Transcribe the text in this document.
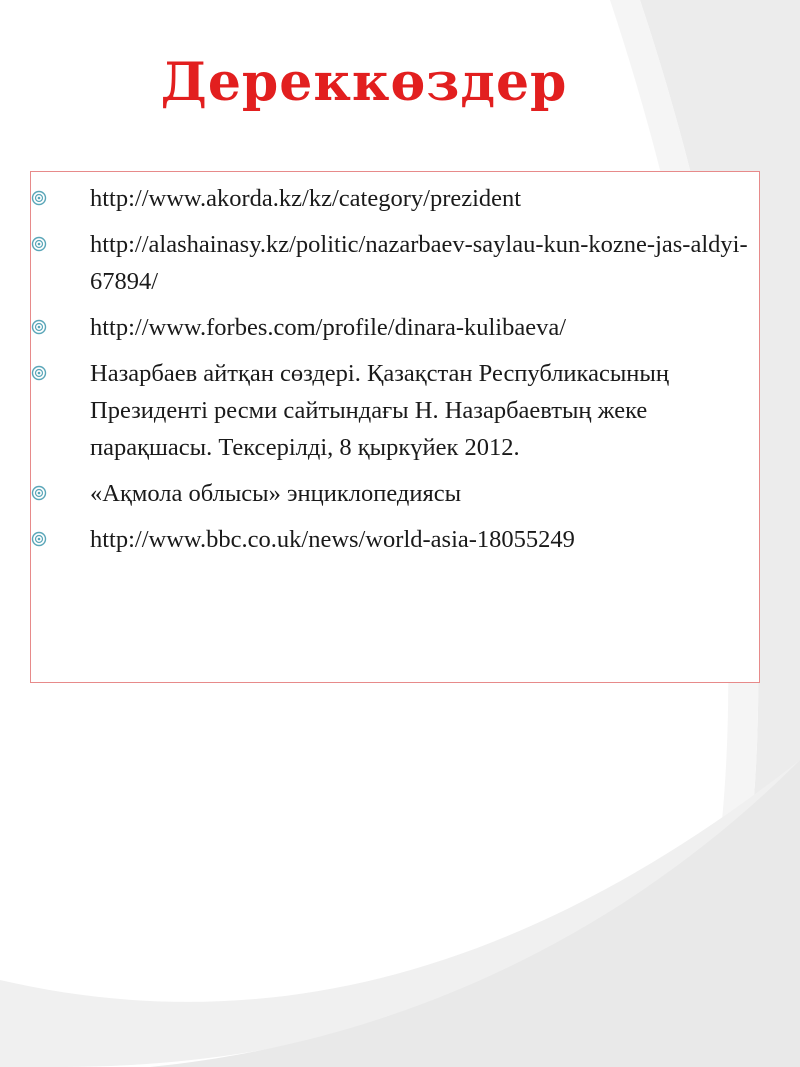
Дереккөздер
http://www.akorda.kz/kz/category/prezident
http://alashainasy.kz/politic/nazarbaev-saylau-kun-kozne-jas-aldyi-67894/
http://www.forbes.com/profile/dinara-kulibaeva/
Назарбаев айтқан сөздері. Қазақстан Республикасының Президенті ресми сайтындағы Н. Назарбаевтың жеке парақшасы. Тексерілді, 8 қыркүйек 2012.
«Ақмола облысы» энциклопедиясы
http://www.bbc.co.uk/news/world-asia-18055249
